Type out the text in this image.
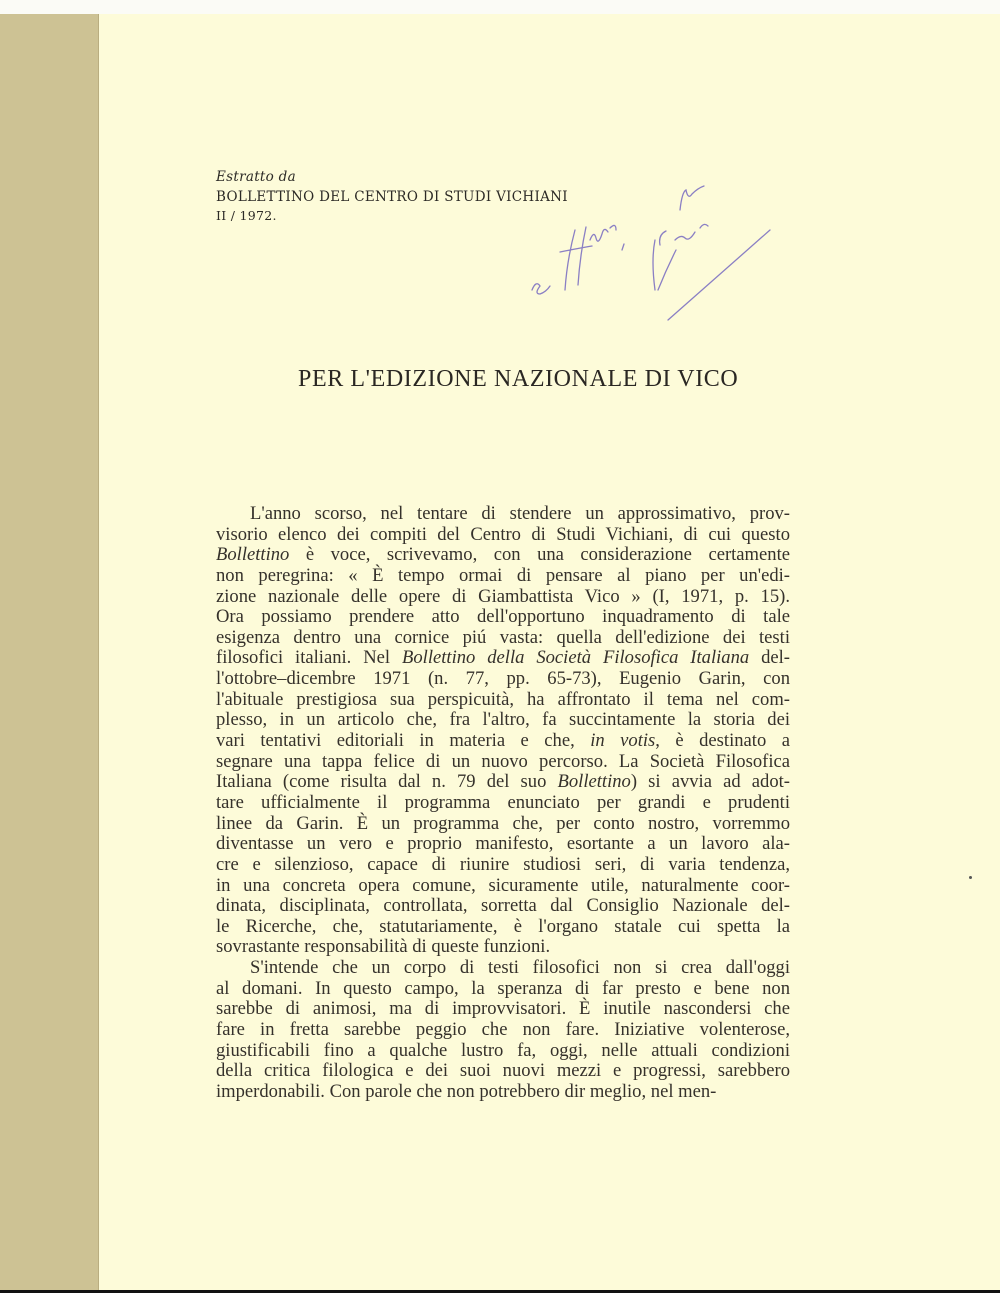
Estratto da
BOLLETTINO DEL CENTRO DI STUDI VICHIANI
II / 1972.
PER L'EDIZIONE NAZIONALE DI VICO
L'anno scorso, nel tentare di stendere un approssimativo, prov-
visorio elenco dei compiti del Centro di Studi Vichiani, di cui questo
Bollettino è voce, scrivevamo, con una considerazione certamente
non peregrina: « È tempo ormai di pensare al piano per un'edi-
zione nazionale delle opere di Giambattista Vico » (I, 1971, p. 15).
Ora possiamo prendere atto dell'opportuno inquadramento di tale
esigenza dentro una cornice piú vasta: quella dell'edizione dei testi
filosofici italiani. Nel Bollettino della Società Filosofica Italiana del-
l'ottobre–dicembre 1971 (n. 77, pp. 65-73), Eugenio Garin, con
l'abituale prestigiosa sua perspicuità, ha affrontato il tema nel com-
plesso, in un articolo che, fra l'altro, fa succintamente la storia dei
vari tentativi editoriali in materia e che, in votis, è destinato a
segnare una tappa felice di un nuovo percorso. La Società Filosofica
Italiana (come risulta dal n. 79 del suo Bollettino) si avvia ad adot-
tare ufficialmente il programma enunciato per grandi e prudenti
linee da Garin. È un programma che, per conto nostro, vorremmo
diventasse un vero e proprio manifesto, esortante a un lavoro ala-
cre e silenzioso, capace di riunire studiosi seri, di varia tendenza,
in una concreta opera comune, sicuramente utile, naturalmente coor-
dinata, disciplinata, controllata, sorretta dal Consiglio Nazionale del-
le Ricerche, che, statutariamente, è l'organo statale cui spetta la
sovrastante responsabilità di queste funzioni.
S'intende che un corpo di testi filosofici non si crea dall'oggi
al domani. In questo campo, la speranza di far presto e bene non
sarebbe di animosi, ma di improvvisatori. È inutile nascondersi che
fare in fretta sarebbe peggio che non fare. Iniziative volenterose,
giustificabili fino a qualche lustro fa, oggi, nelle attuali condizioni
della critica filologica e dei suoi nuovi mezzi e progressi, sarebbero
imperdonabili. Con parole che non potrebbero dir meglio, nel men-
